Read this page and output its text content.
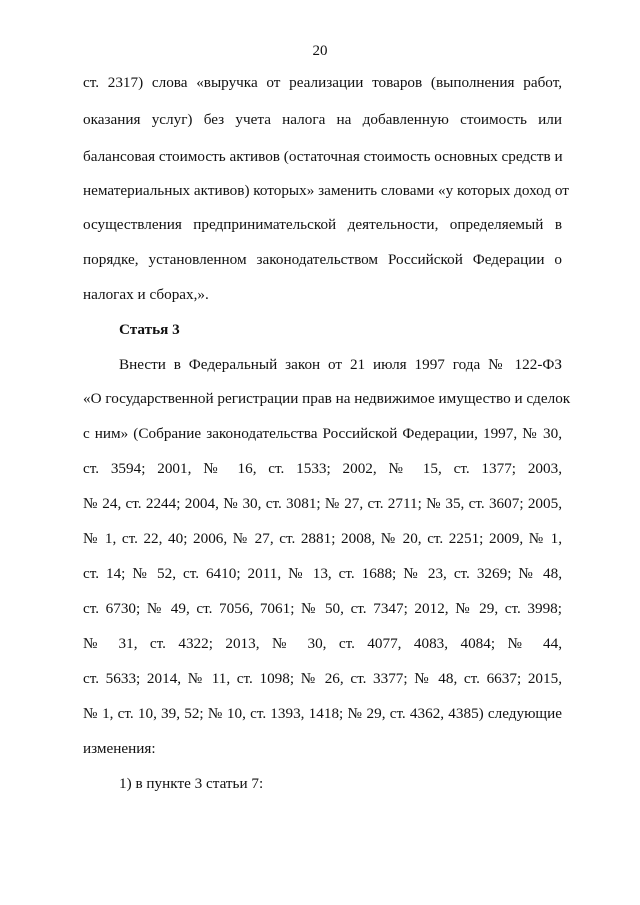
20
ст. 2317) слова «выручка от реализации товаров (выполнения работ,
оказания услуг) без учета налога на добавленную стоимость или
балансовая стоимость активов (остаточная стоимость основных средств и
нематериальных активов) которых» заменить словами «у которых доход от
осуществления предпринимательской деятельности, определяемый в
порядке, установленном законодательством Российской Федерации о
налогах и сборах,».
Статья 3
Внести в Федеральный закон от 21 июля 1997 года № 122-ФЗ
«О государственной регистрации прав на недвижимое имущество и сделок
с ним» (Собрание законодательства Российской Федерации, 1997, № 30,
ст. 3594; 2001, № 16, ст. 1533; 2002, № 15, ст. 1377; 2003,
№ 24, ст. 2244; 2004, № 30, ст. 3081; № 27, ст. 2711; № 35, ст. 3607; 2005,
№ 1, ст. 22, 40; 2006, № 27, ст. 2881; 2008, № 20, ст. 2251; 2009, № 1,
ст. 14; № 52, ст. 6410; 2011, № 13, ст. 1688; № 23, ст. 3269; № 48,
ст. 6730; № 49, ст. 7056, 7061; № 50, ст. 7347; 2012, № 29, ст. 3998;
№ 31, ст. 4322; 2013, № 30, ст. 4077, 4083, 4084; № 44,
ст. 5633; 2014, № 11, ст. 1098; № 26, ст. 3377; № 48, ст. 6637; 2015,
№ 1, ст. 10, 39, 52; № 10, ст. 1393, 1418; № 29, ст. 4362, 4385) следующие
изменения:
1) в пункте 3 статьи 7:
